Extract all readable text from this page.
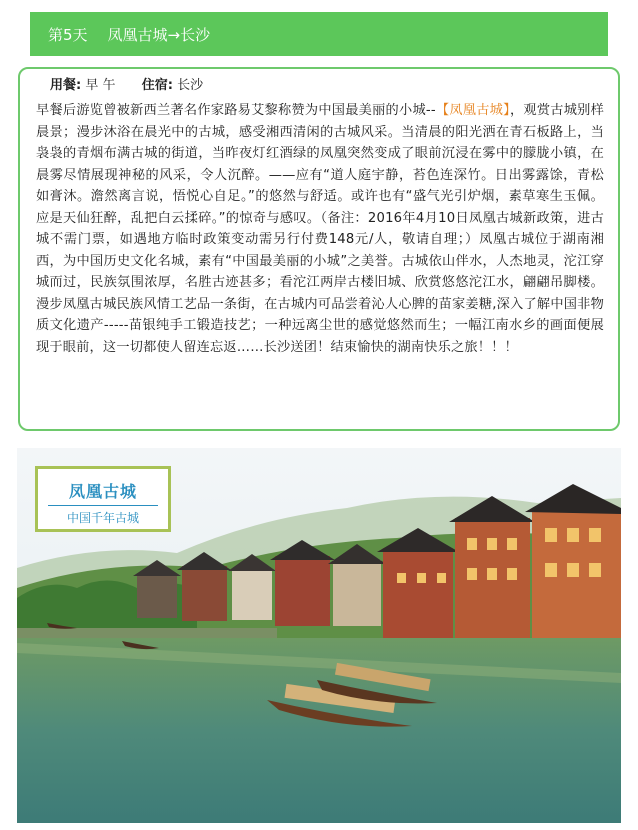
第5天 凤凰古城→长沙
用餐: 早 午 住宿: 长沙

早餐后游览曾被新西兰著名作家路易艾黎称赞为中国最美丽的小城--【凤凰古城】，观赏古城别样晨景；漫步沐浴在晨光中的古城，感受湘西清闲的古城风采。当清晨的阳光洒在青石板路上，当袅袅的青烟布满古城的街道，当昨夜灯红酒绿的凤凰突然变成了眼前沉浸在雾中的朦胧小镇，在晨雾尽情展现神秘的风采，令人沉醉。——应有“道人庭宇静，苔色连深竹。日出雾露馀，青松如膏沐。澹然离言说，悟悦心自足。”的悠然与舒适。或许也有“盛气光引炉烟，素草寒生玉佩。应是天仙狂醉，乱把白云揉碎。”的惊奇与感叹。（备注：2016年4月10日凤凰古城新政策，进古城不需门票，如遇地方临时政策变动需另行付费148元/人，敬请自理；）凤凰古城位于湖南湘西，为中国历史文化名城，素有“中国最美丽的小城”之美誉。古城依山伴水，人杰地灵，沱江穿城而过，民族氛围浓厚，名胜古迹甚多；看沱江两岸古楼旧城、欣赏悠悠沱江水，翩翩吊脚楼。漫步凤凰古城民族风情工艺品一条街，在古城内可品尝着沁人心脾的苗家姜糖,深入了解中国非物质文化遗产-----苗银纯手工锻造技艺；一种远离尘世的感觉悠然而生；一幅江南水乡的画面便展现于眼前，这一切都使人留连忘返……长沙送团！结束愉快的湖南快乐之旅！！！

凤凰古城
中国千年古城
